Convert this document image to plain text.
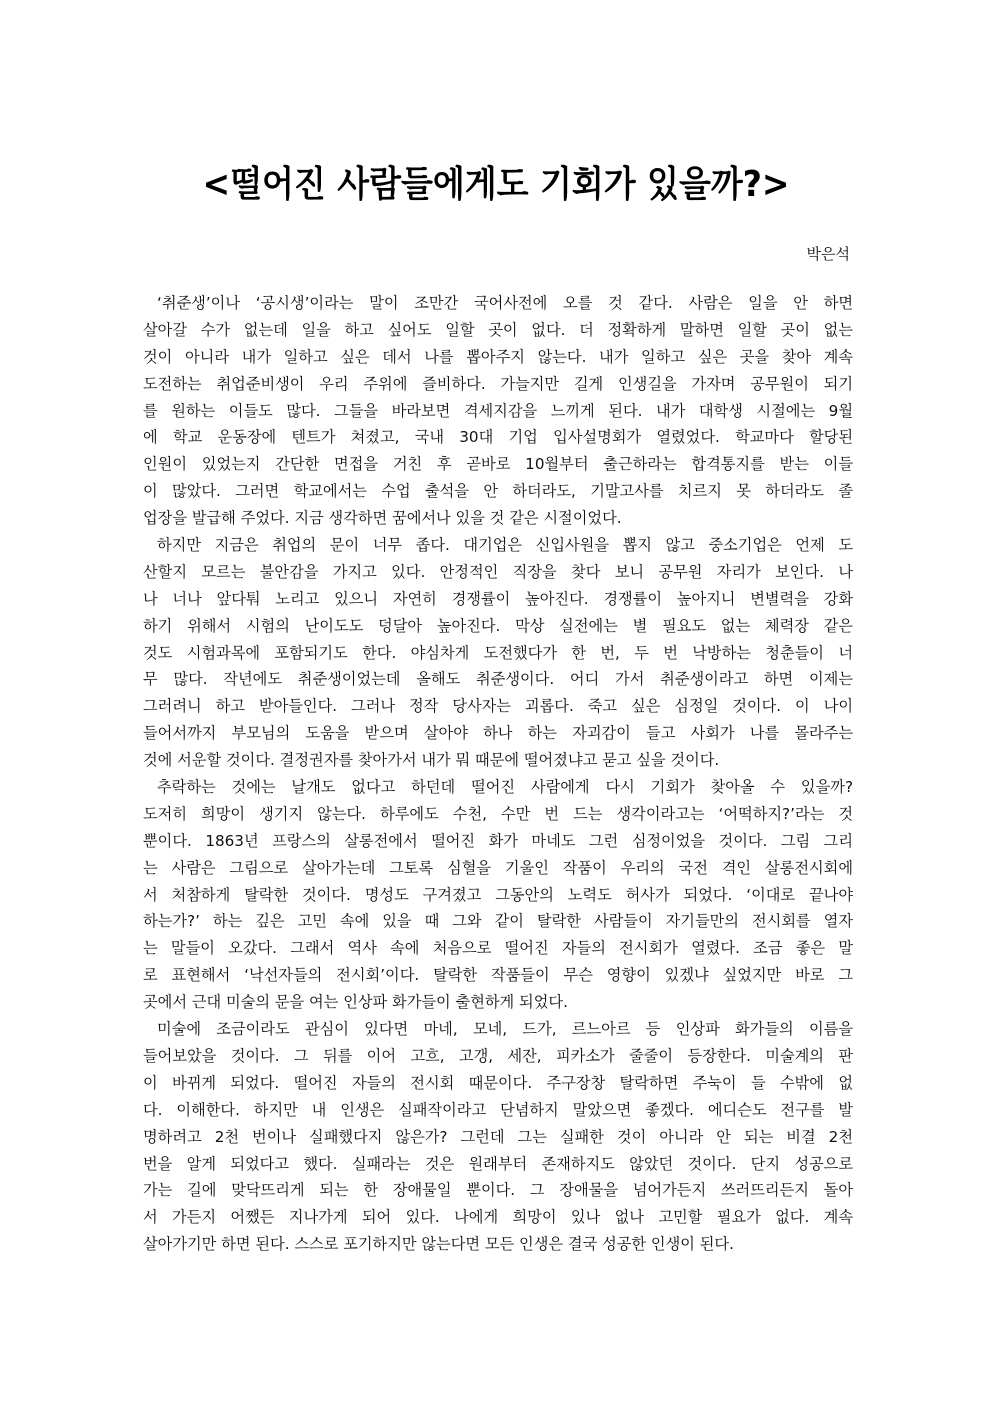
<떨어진 사람들에게도 기회가 있을까?>
박은석
‘취준생’이나 ‘공시생’이라는 말이 조만간 국어사전에 오를 것 같다. 사람은 일을 안 하면
살아갈 수가 없는데 일을 하고 싶어도 일할 곳이 없다. 더 정확하게 말하면 일할 곳이 없는
것이 아니라 내가 일하고 싶은 데서 나를 뽑아주지 않는다. 내가 일하고 싶은 곳을 찾아 계속
도전하는 취업준비생이 우리 주위에 즐비하다. 가늘지만 길게 인생길을 가자며 공무원이 되기
를 원하는 이들도 많다. 그들을 바라보면 격세지감을 느끼게 된다. 내가 대학생 시절에는 9월
에 학교 운동장에 텐트가 쳐졌고, 국내 30대 기업 입사설명회가 열렸었다. 학교마다 할당된
인원이 있었는지 간단한 면접을 거친 후 곧바로 10월부터 출근하라는 합격통지를 받는 이들
이 많았다. 그러면 학교에서는 수업 출석을 안 하더라도, 기말고사를 치르지 못 하더라도 졸
업장을 발급해 주었다. 지금 생각하면 꿈에서나 있을 것 같은 시절이었다.
하지만 지금은 취업의 문이 너무 좁다. 대기업은 신입사원을 뽑지 않고 중소기업은 언제 도
산할지 모르는 불안감을 가지고 있다. 안정적인 직장을 찾다 보니 공무원 자리가 보인다. 나
나 너나 앞다퉈 노리고 있으니 자연히 경쟁률이 높아진다. 경쟁률이 높아지니 변별력을 강화
하기 위해서 시험의 난이도도 덩달아 높아진다. 막상 실전에는 별 필요도 없는 체력장 같은
것도 시험과목에 포함되기도 한다. 야심차게 도전했다가 한 번, 두 번 낙방하는 청춘들이 너
무 많다. 작년에도 취준생이었는데 올해도 취준생이다. 어디 가서 취준생이라고 하면 이제는
그러려니 하고 받아들인다. 그러나 정작 당사자는 괴롭다. 죽고 싶은 심정일 것이다. 이 나이
들어서까지 부모님의 도움을 받으며 살아야 하나 하는 자괴감이 들고 사회가 나를 몰라주는
것에 서운할 것이다. 결정권자를 찾아가서 내가 뭐 때문에 떨어졌냐고 묻고 싶을 것이다.
추락하는 것에는 날개도 없다고 하던데 떨어진 사람에게 다시 기회가 찾아올 수 있을까?
도저히 희망이 생기지 않는다. 하루에도 수천, 수만 번 드는 생각이라고는 ‘어떡하지?’라는 것
뿐이다. 1863년 프랑스의 살롱전에서 떨어진 화가 마네도 그런 심정이었을 것이다. 그림 그리
는 사람은 그림으로 살아가는데 그토록 심혈을 기울인 작품이 우리의 국전 격인 살롱전시회에
서 처참하게 탈락한 것이다. 명성도 구겨졌고 그동안의 노력도 허사가 되었다. ‘이대로 끝나야
하는가?’ 하는 깊은 고민 속에 있을 때 그와 같이 탈락한 사람들이 자기들만의 전시회를 열자
는 말들이 오갔다. 그래서 역사 속에 처음으로 떨어진 자들의 전시회가 열렸다. 조금 좋은 말
로 표현해서 ‘낙선자들의 전시회’이다. 탈락한 작품들이 무슨 영향이 있겠냐 싶었지만 바로 그
곳에서 근대 미술의 문을 여는 인상파 화가들이 출현하게 되었다.
미술에 조금이라도 관심이 있다면 마네, 모네, 드가, 르느아르 등 인상파 화가들의 이름을
들어보았을 것이다. 그 뒤를 이어 고흐, 고갱, 세잔, 피카소가 줄줄이 등장한다. 미술계의 판
이 바뀌게 되었다. 떨어진 자들의 전시회 때문이다. 주구장창 탈락하면 주눅이 들 수밖에 없
다. 이해한다. 하지만 내 인생은 실패작이라고 단념하지 말았으면 좋겠다. 에디슨도 전구를 발
명하려고 2천 번이나 실패했다지 않은가? 그런데 그는 실패한 것이 아니라 안 되는 비결 2천
번을 알게 되었다고 했다. 실패라는 것은 원래부터 존재하지도 않았던 것이다. 단지 성공으로
가는 길에 맞닥뜨리게 되는 한 장애물일 뿐이다. 그 장애물을 넘어가든지 쓰러뜨리든지 돌아
서 가든지 어쨌든 지나가게 되어 있다. 나에게 희망이 있나 없나 고민할 필요가 없다. 계속
살아가기만 하면 된다. 스스로 포기하지만 않는다면 모든 인생은 결국 성공한 인생이 된다.
